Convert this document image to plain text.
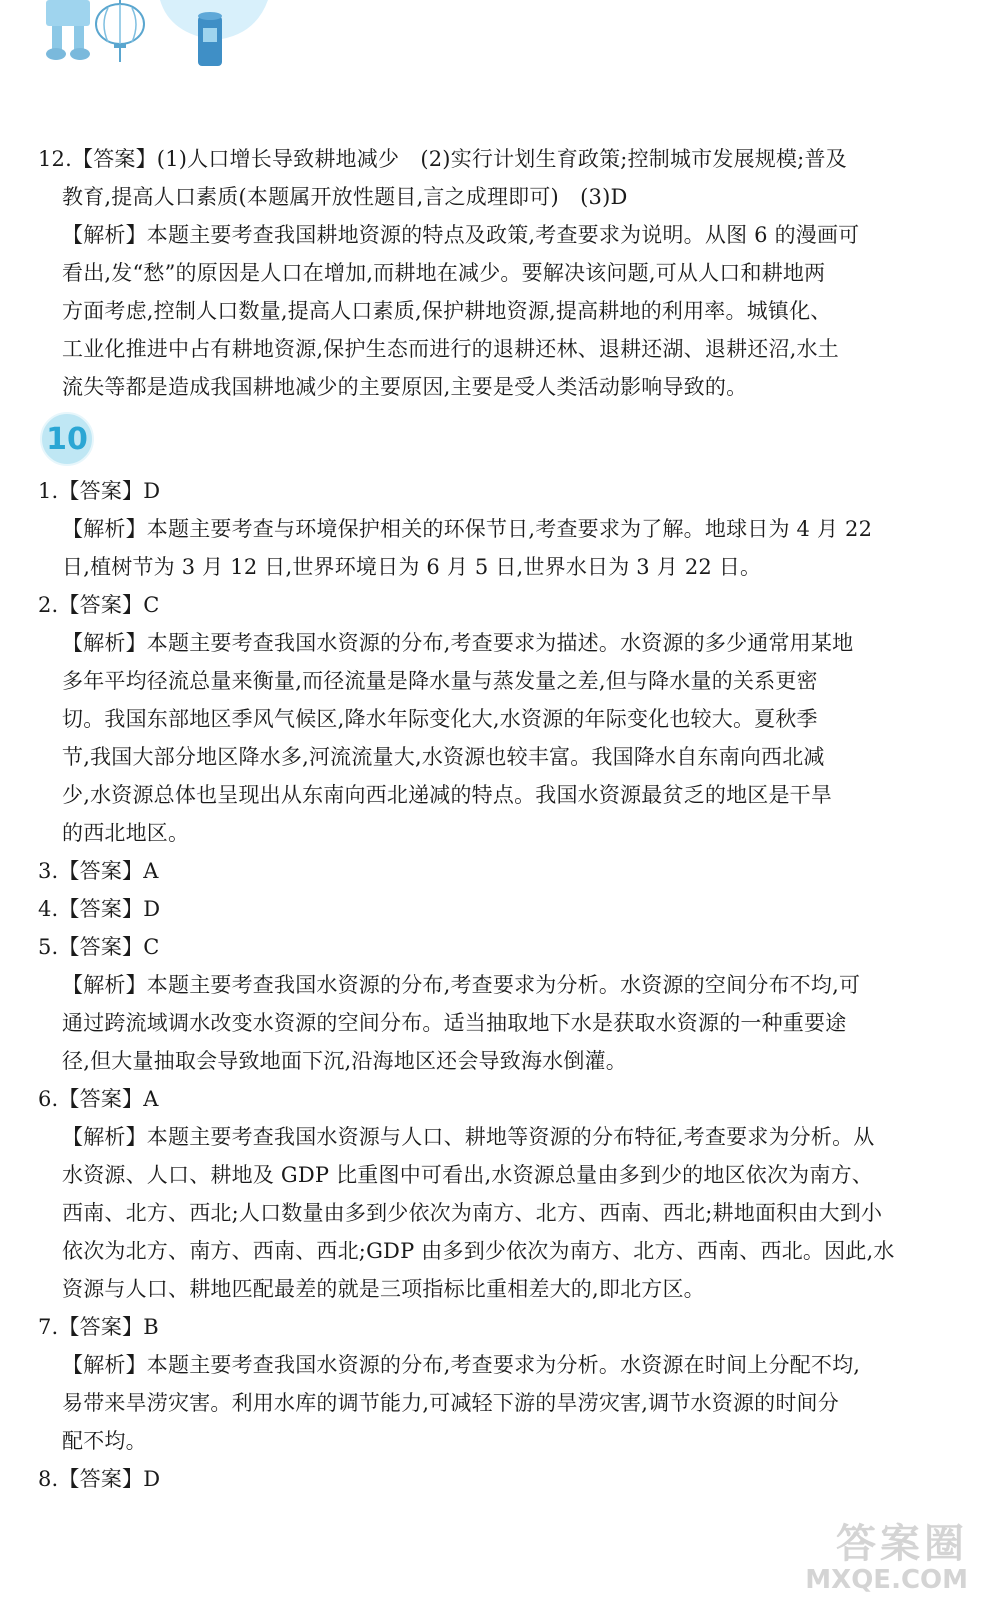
12.【答案】(1)人口增长导致耕地减少　(2)实行计划生育政策;控制城市发展规模;普及
教育,提高人口素质(本题属开放性题目,言之成理即可)　(3)D
【解析】本题主要考查我国耕地资源的特点及政策,考查要求为说明。从图 6 的漫画可
看出,发“愁”的原因是人口在增加,而耕地在减少。要解决该问题,可从人口和耕地两
方面考虑,控制人口数量,提高人口素质,保护耕地资源,提高耕地的利用率。城镇化、
工业化推进中占有耕地资源,保护生态而进行的退耕还林、退耕还湖、退耕还沼,水土
流失等都是造成我国耕地减少的主要原因,主要是受人类活动影响导致的。
10
1.【答案】D
【解析】本题主要考查与环境保护相关的环保节日,考查要求为了解。地球日为 4 月 22
日,植树节为 3 月 12 日,世界环境日为 6 月 5 日,世界水日为 3 月 22 日。
2.【答案】C
【解析】本题主要考查我国水资源的分布,考查要求为描述。水资源的多少通常用某地
多年平均径流总量来衡量,而径流量是降水量与蒸发量之差,但与降水量的关系更密
切。我国东部地区季风气候区,降水年际变化大,水资源的年际变化也较大。夏秋季
节,我国大部分地区降水多,河流流量大,水资源也较丰富。我国降水自东南向西北减
少,水资源总体也呈现出从东南向西北递减的特点。我国水资源最贫乏的地区是干旱
的西北地区。
3.【答案】A
4.【答案】D
5.【答案】C
【解析】本题主要考查我国水资源的分布,考查要求为分析。水资源的空间分布不均,可
通过跨流域调水改变水资源的空间分布。适当抽取地下水是获取水资源的一种重要途
径,但大量抽取会导致地面下沉,沿海地区还会导致海水倒灌。
6.【答案】A
【解析】本题主要考查我国水资源与人口、耕地等资源的分布特征,考查要求为分析。从
水资源、人口、耕地及 GDP 比重图中可看出,水资源总量由多到少的地区依次为南方、
西南、北方、西北;人口数量由多到少依次为南方、北方、西南、西北;耕地面积由大到小
依次为北方、南方、西南、西北;GDP 由多到少依次为南方、北方、西南、西北。因此,水
资源与人口、耕地匹配最差的就是三项指标比重相差大的,即北方区。
7.【答案】B
【解析】本题主要考查我国水资源的分布,考查要求为分析。水资源在时间上分配不均,
易带来旱涝灾害。利用水库的调节能力,可减轻下游的旱涝灾害,调节水资源的时间分
配不均。
8.【答案】D
答案圈
MXQE.COM
